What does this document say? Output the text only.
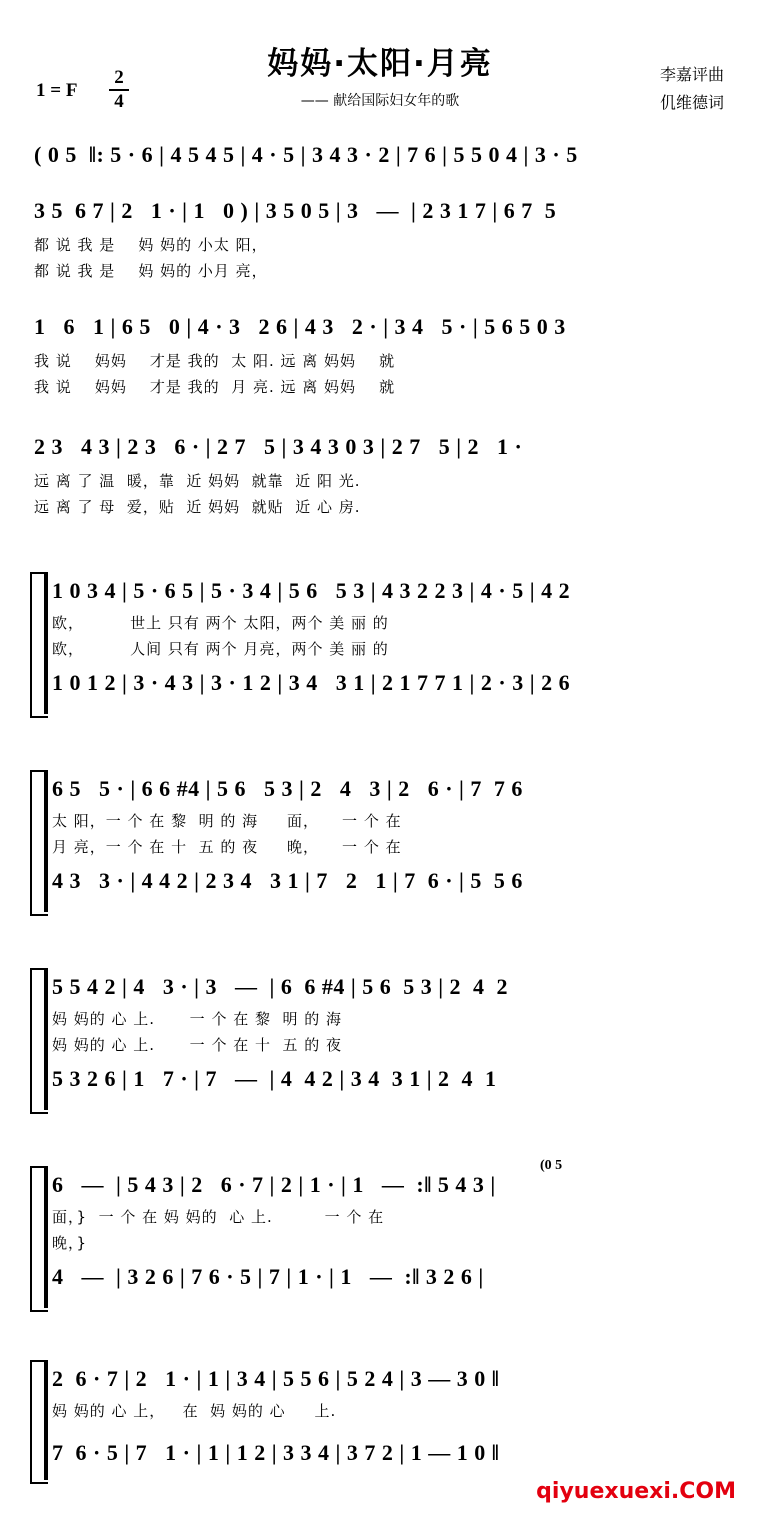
妈妈·太阳·月亮
—— 献给国际妇女年的歌
李嘉评曲
仉维德词
1 = F
2
4
( 0 5  ‖: 5 · 6 | 4 5 4 5 | 4 · 5 | 3 4 3 · 2 | 7 6 | 5 5 0 4 | 3 · 5
3 5  6 7 | 2   1 · | 1   0 ) | 3 5 0 5 | 3   —  | 2 3 1 7 | 6 7  5
都 说 我 是    妈 妈的 小太 阳，
都 说 我 是    妈 妈的 小月 亮，
1   6   1 | 6 5   0 | 4 · 3   2 6 | 4 3   2 · | 3 4   5 · | 5 6 5 0 3
我 说    妈妈    才是 我的  太 阳. 远 离 妈妈    就
我 说    妈妈    才是 我的  月 亮. 远 离 妈妈    就
2 3   4 3 | 2 3   6 · | 2 7   5 | 3 4 3 0 3 | 2 7   5 | 2   1 ·
远 离 了 温  暖，靠  近 妈妈  就靠  近 阳 光.
远 离 了 母  爱，贴  近 妈妈  就贴  近 心 房.
1 0 3 4 | 5 · 6 5 | 5 · 3 4 | 5 6   5 3 | 4 3 2 2 3 | 4 · 5 | 4 2
欧，        世上 只有 两个 太阳，两个 美 丽 的
欧，        人间 只有 两个 月亮，两个 美 丽 的
1 0 1 2 | 3 · 4 3 | 3 · 1 2 | 3 4   3 1 | 2 1 7 7 1 | 2 · 3 | 2 6
6 5   5 · | 6 6 #4 | 5 6   5 3 | 2   4   3 | 2   6 · | 7  7 6
太 阳，一 个 在 黎  明 的 海     面，    一 个 在
月 亮，一 个 在 十  五 的 夜     晚，    一 个 在
4 3   3 · | 4 4 2 | 2 3 4   3 1 | 7   2   1 | 7  6 · | 5  5 6
5 5 4 2 | 4   3 · | 3   —  | 6  6 #4 | 5 6  5 3 | 2  4  2
妈 妈的 心 上.      一 个 在 黎  明 的 海
妈 妈的 心 上.      一 个 在 十  五 的 夜
5 3 2 6 | 1   7 · | 7   —  | 4  4 2 | 3 4  3 1 | 2  4  1
6   —  | 5 4 3 | 2   6 · 7 | 2 | 1 · | 1   —  :‖ 5 4 3 |
面，}  一 个 在 妈 妈的  心 上.         一 个 在
晚，}
4   —  | 3 2 6 | 7 6 · 5 | 7 | 1 · | 1   —  :‖ 3 2 6 |
(0 5
2  6 · 7 | 2   1 · | 1 | 3 4 | 5 5 6 | 5 2 4 | 3 — 3 0 ‖
妈 妈的 心 上，   在  妈 妈的 心     上.
7  6 · 5 | 7   1 · | 1 | 1 2 | 3 3 4 | 3 7 2 | 1 — 1 0 ‖
qiyuexuexi.COM
